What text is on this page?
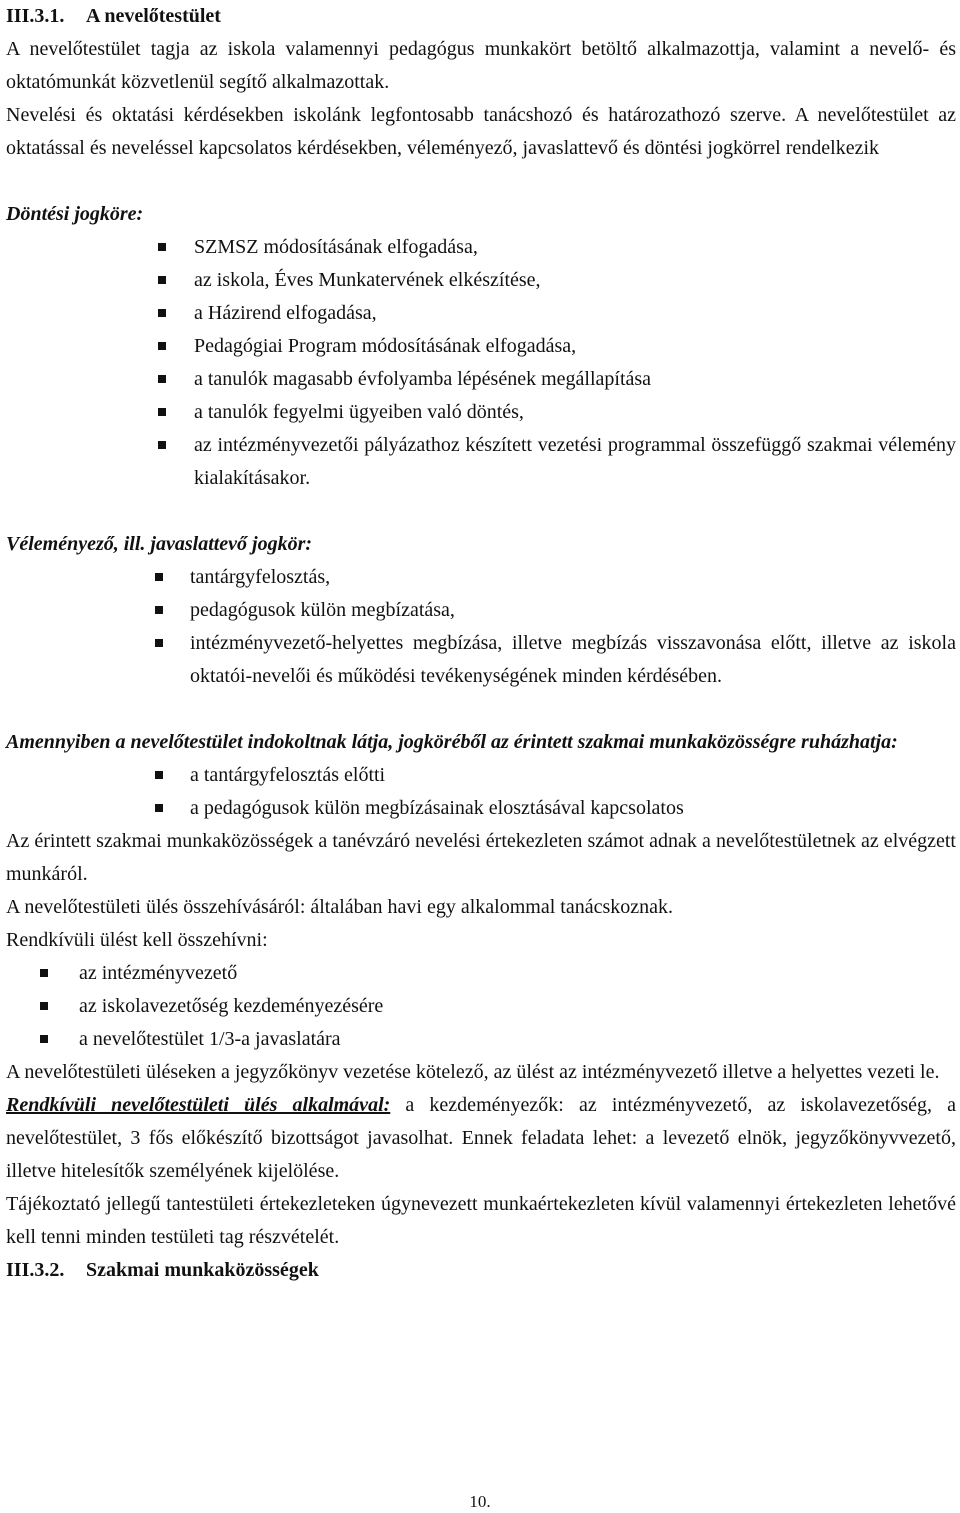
III.3.1. A nevelőtestület

A nevelőtestület tagja az iskola valamennyi pedagógus munkakört betöltő alkalmazottja, valamint a nevelő- és oktatómunkát közvetlenül segítő alkalmazottak.

Nevelési és oktatási kérdésekben iskolánk legfontosabb tanácshozó és határozathozó szerve. A nevelőtestület az oktatással és neveléssel kapcsolatos kérdésekben, véleményező, javaslattevő és döntési jogkörrel rendelkezik

Döntési jogköre:

SZMSZ módosításának elfogadása,
az iskola, Éves Munkatervének elkészítése,
a Házirend elfogadása,
Pedagógiai Program módosításának elfogadása,
a tanulók magasabb évfolyamba lépésének megállapítása
a tanulók fegyelmi ügyeiben való döntés,
az intézményvezetői pályázathoz készített vezetési programmal összefüggő szakmai vélemény kialakításakor.

Véleményező, ill. javaslattevő jogkör:

tantárgyfelosztás,
pedagógusok külön megbízatása,
intézményvezető-helyettes megbízása, illetve megbízás visszavonása előtt, illetve az iskola oktatói-nevelői és működési tevékenységének minden kérdésében.

Amennyiben a nevelőtestület indokoltnak látja, jogköréből az érintett szakmai munkaközösségre ruházhatja:

a tantárgyfelosztás előtti
a pedagógusok külön megbízásainak elosztásával kapcsolatos

Az érintett szakmai munkaközösségek a tanévzáró nevelési értekezleten számot adnak a nevelőtestületnek az elvégzett munkáról.

A nevelőtestületi ülés összehívásáról: általában havi egy alkalommal tanácskoznak.

Rendkívüli ülést kell összehívni:

az intézményvezető
az iskolavezetőség kezdeményezésére
a nevelőtestület 1/3-a javaslatára

A nevelőtestületi üléseken a jegyzőkönyv vezetése kötelező, az ülést az intézményvezető illetve a helyettes vezeti le.

Rendkívüli nevelőtestületi ülés alkalmával: a kezdeményezők: az intézményvezető, az iskolavezetőség, a nevelőtestület, 3 fős előkészítő bizottságot javasolhat. Ennek feladata lehet: a levezető elnök, jegyzőkönyvvezető, illetve hitelesítők személyének kijelölése.

Tájékoztató jellegű tantestületi értekezleteken úgynevezett munkaértekezleten kívül valamennyi értekezleten lehetővé kell tenni minden testületi tag részvételét.

III.3.2. Szakmai munkaközösségek

10.
